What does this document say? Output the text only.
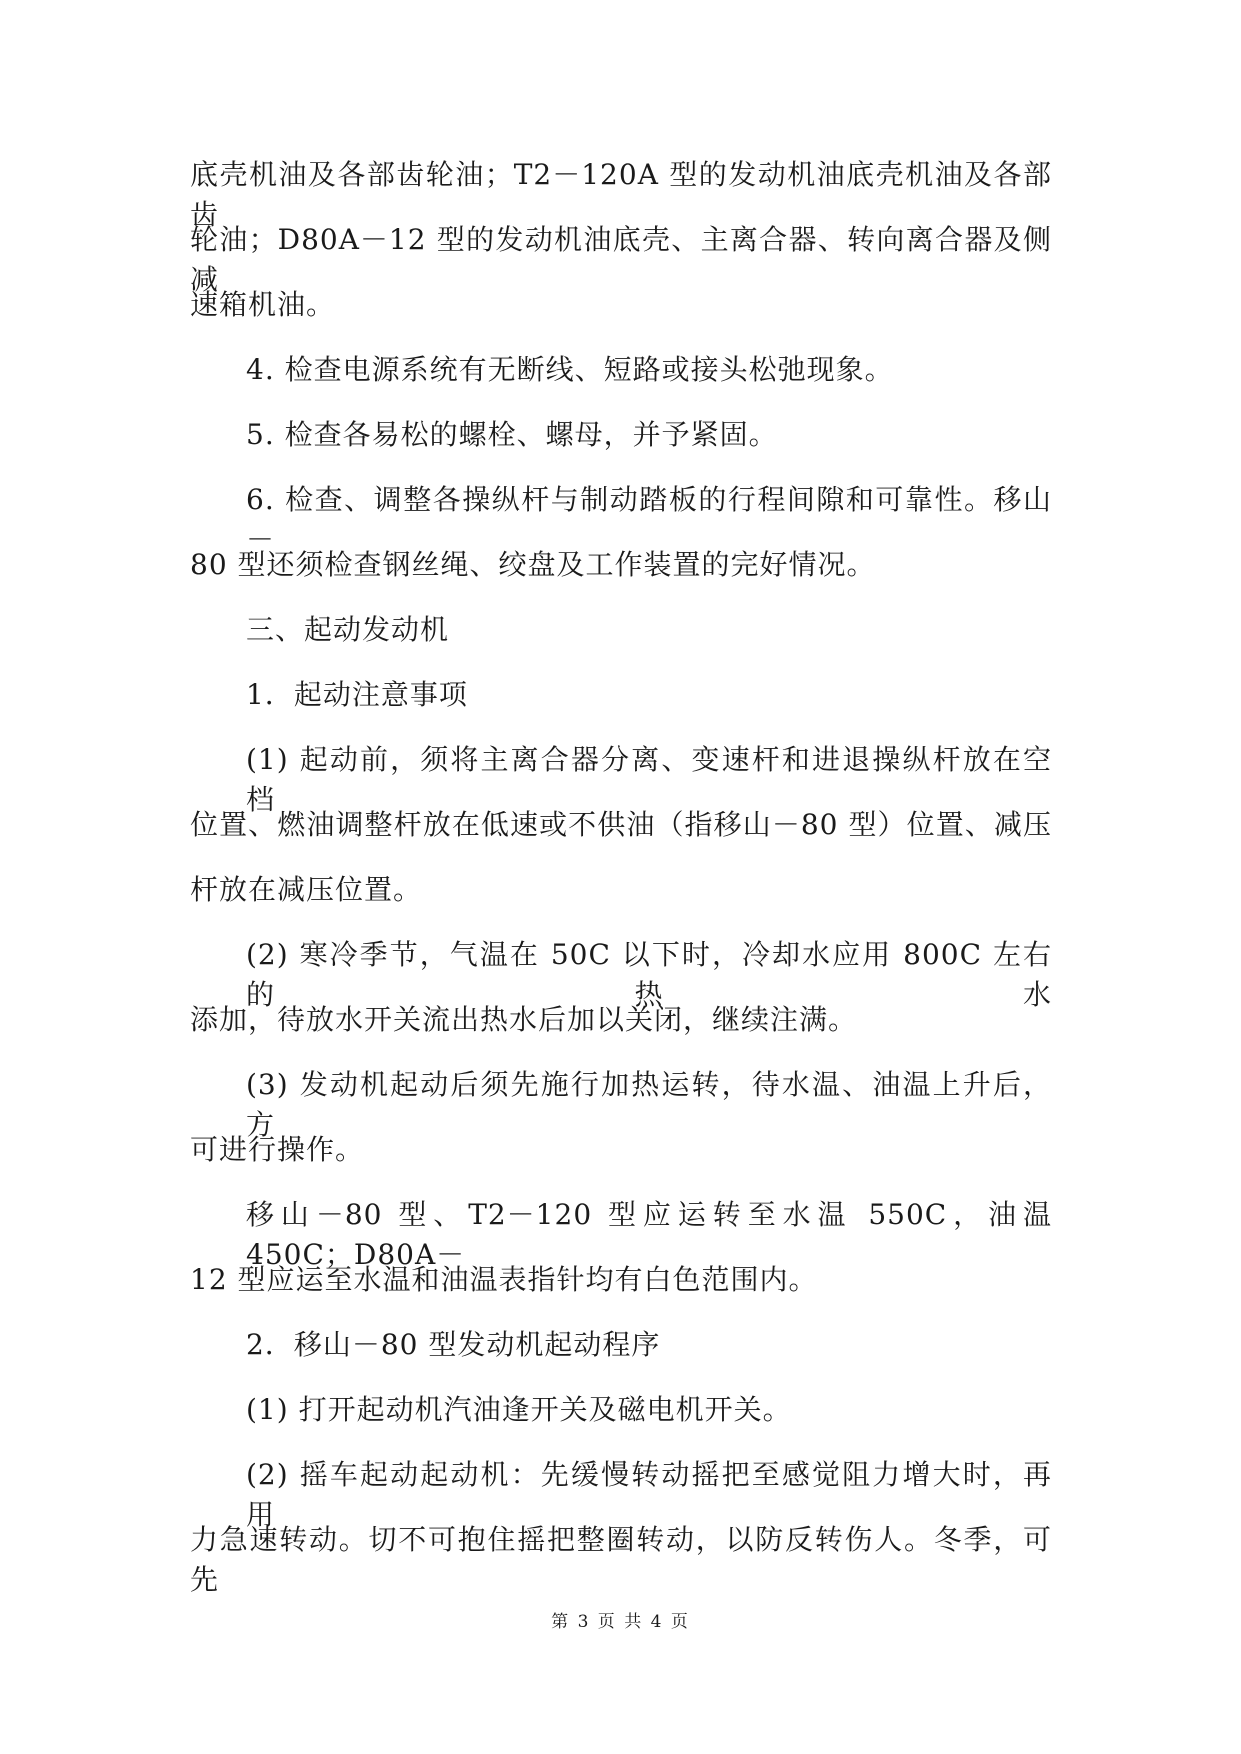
底壳机油及各部齿轮油；T2－120A 型的发动机油底壳机油及各部齿
轮油；D80A－12 型的发动机油底壳、主离合器、转向离合器及侧减
速箱机油。
4. 检查电源系统有无断线、短路或接头松弛现象。
5. 检查各易松的螺栓、螺母，并予紧固。
6. 检查、调整各操纵杆与制动踏板的行程间隙和可靠性。移山－
80 型还须检查钢丝绳、绞盘及工作装置的完好情况。
三、起动发动机
1．起动注意事项
(1) 起动前，须将主离合器分离、变速杆和进退操纵杆放在空档
位置、燃油调整杆放在低速或不供油（指移山－80 型）位置、减压
杆放在减压位置。
(2) 寒冷季节，气温在 50C 以下时，冷却水应用 800C 左右的热水
添加，待放水开关流出热水后加以关闭，继续注满。
(3) 发动机起动后须先施行加热运转，待水温、油温上升后，方
可进行操作。
移山－80 型、T2－120 型应运转至水温 550C，油温 450C；D80A－
12 型应运至水温和油温表指针均有白色范围内。
2．移山－80 型发动机起动程序
(1) 打开起动机汽油逢开关及磁电机开关。
(2) 摇车起动起动机：先缓慢转动摇把至感觉阻力增大时，再用
力急速转动。切不可抱住摇把整圈转动，以防反转伤人。冬季，可先
第 3 页 共 4 页
